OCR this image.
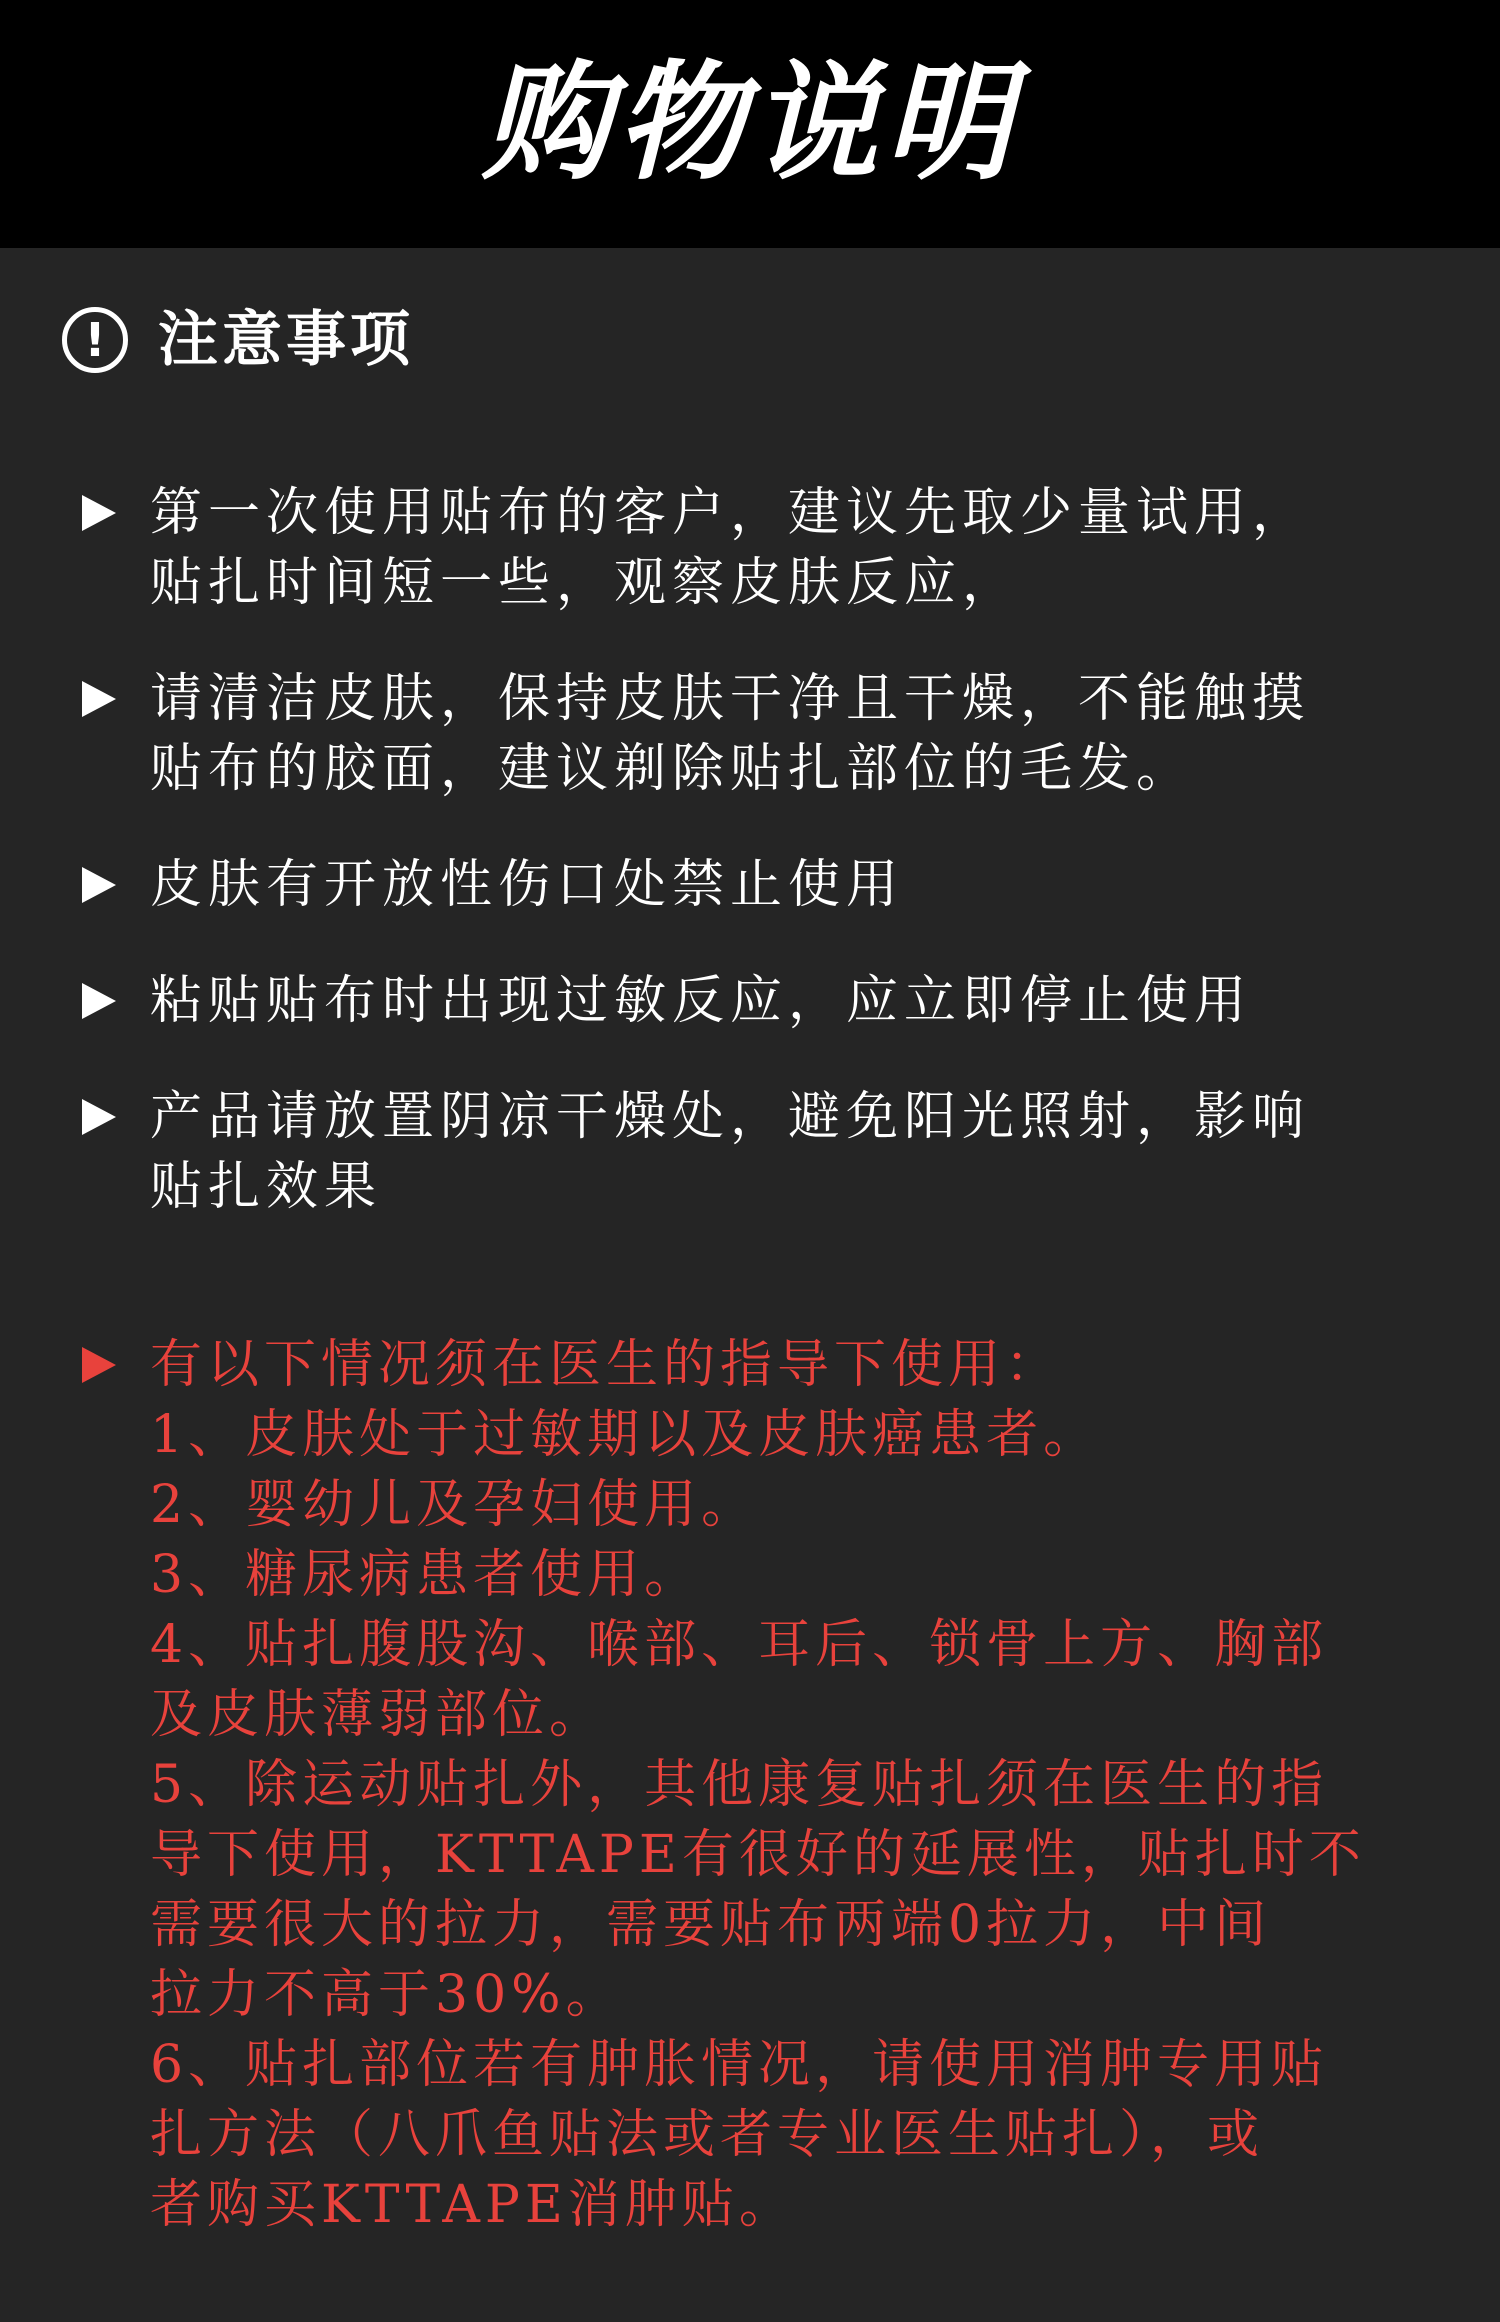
购物说明
! 注意事项
第一次使用贴布的客户，建议先取少量试用，
贴扎时间短一些，观察皮肤反应，
请清洁皮肤，保持皮肤干净且干燥，不能触摸
贴布的胶面，建议剃除贴扎部位的毛发。
皮肤有开放性伤口处禁止使用
粘贴贴布时出现过敏反应，应立即停止使用
产品请放置阴凉干燥处，避免阳光照射，影响
贴扎效果
有以下情况须在医生的指导下使用：
1、皮肤处于过敏期以及皮肤癌患者。
2、婴幼儿及孕妇使用。
3、糖尿病患者使用。
4、贴扎腹股沟、喉部、耳后、锁骨上方、胸部
及皮肤薄弱部位。
5、除运动贴扎外，其他康复贴扎须在医生的指
导下使用，KTTAPE有很好的延展性，贴扎时不
需要很大的拉力，需要贴布两端0拉力，中间
拉力不高于30%。
6、贴扎部位若有肿胀情况，请使用消肿专用贴
扎方法（八爪鱼贴法或者专业医生贴扎），或
者购买KTTAPE消肿贴。
